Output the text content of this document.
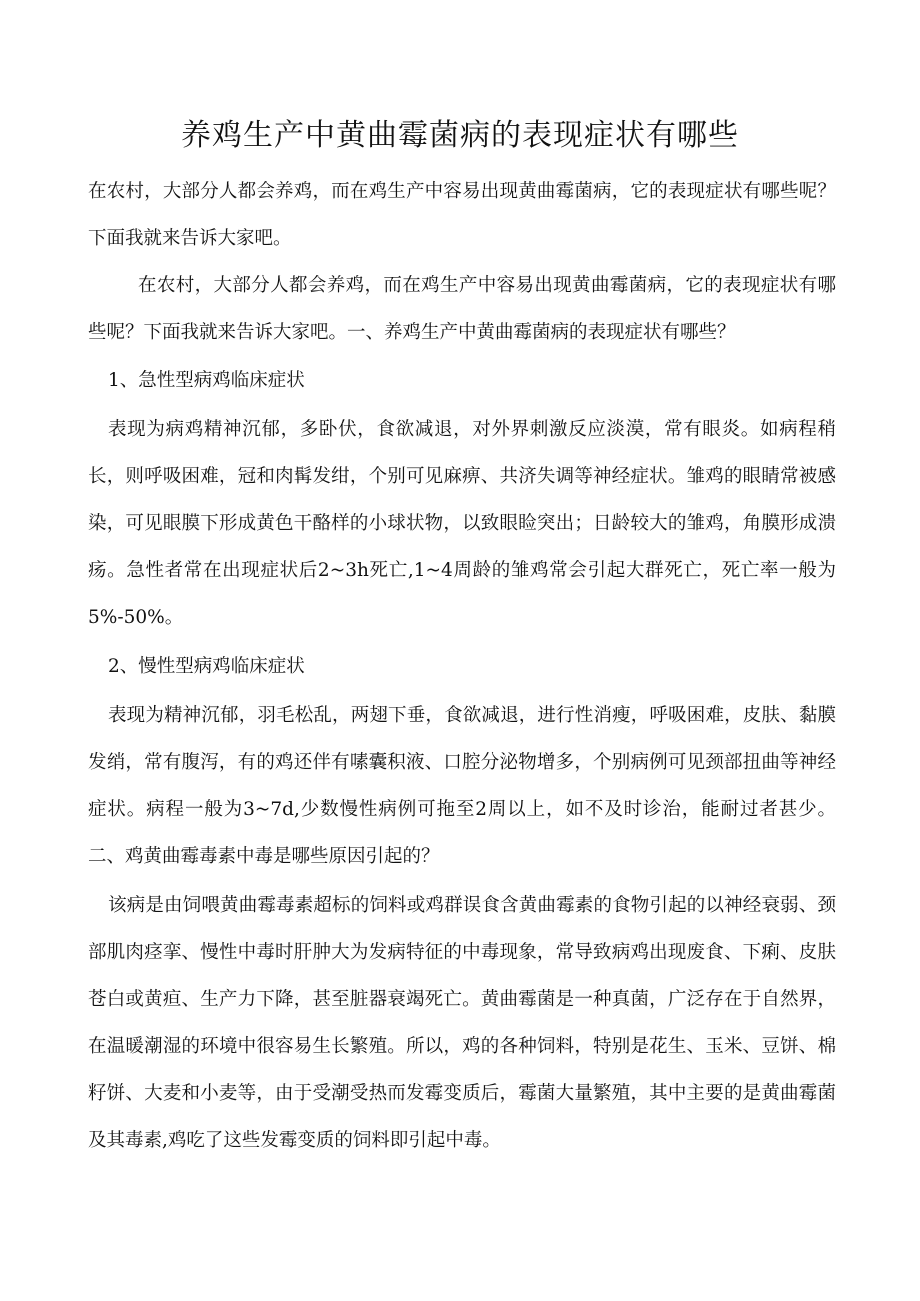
养鸡生产中黄曲霉菌病的表现症状有哪些

在农村，大部分人都会养鸡，而在鸡生产中容易出现黄曲霉菌病，它的表现症状有哪些呢？下面我就来告诉大家吧。

在农村，大部分人都会养鸡，而在鸡生产中容易出现黄曲霉菌病，它的表现症状有哪些呢？下面我就来告诉大家吧。一、养鸡生产中黄曲霉菌病的表现症状有哪些？

1、急性型病鸡临床症状

表现为病鸡精神沉郁，多卧伏，食欲减退，对外界刺激反应淡漠，常有眼炎。如病程稍长，则呼吸困难，冠和肉髯发绀，个别可见麻痹、共济失调等神经症状。雏鸡的眼睛常被感染，可见眼膜下形成黄色干酪样的小球状物，以致眼睑突出；日龄较大的雏鸡，角膜形成溃疡。急性者常在出现症状后2~3h死亡,1~4周龄的雏鸡常会引起大群死亡，死亡率一般为5%-50%。

2、慢性型病鸡临床症状

表现为精神沉郁，羽毛松乱，两翅下垂，食欲减退，进行性消瘦，呼吸困难，皮肤、黏膜发绡，常有腹泻，有的鸡还伴有嗉囊积液、口腔分泌物增多，个别病例可见颈部扭曲等神经症状。病程一般为3~7d,少数慢性病例可拖至2周以上，如不及时诊治，能耐过者甚少。二、鸡黄曲霉毒素中毒是哪些原因引起的？

该病是由饲喂黄曲霉毒素超标的饲料或鸡群误食含黄曲霉素的食物引起的以神经衰弱、颈部肌肉痉挛、慢性中毒时肝肿大为发病特征的中毒现象，常导致病鸡出现废食、下痢、皮肤苍白或黄疸、生产力下降，甚至脏器衰竭死亡。黄曲霉菌是一种真菌，广泛存在于自然界，在温暖潮湿的环境中很容易生长繁殖。所以，鸡的各种饲料，特别是花生、玉米、豆饼、棉籽饼、大麦和小麦等，由于受潮受热而发霉变质后，霉菌大量繁殖，其中主要的是黄曲霉菌及其毒素,鸡吃了这些发霉变质的饲料即引起中毒。
